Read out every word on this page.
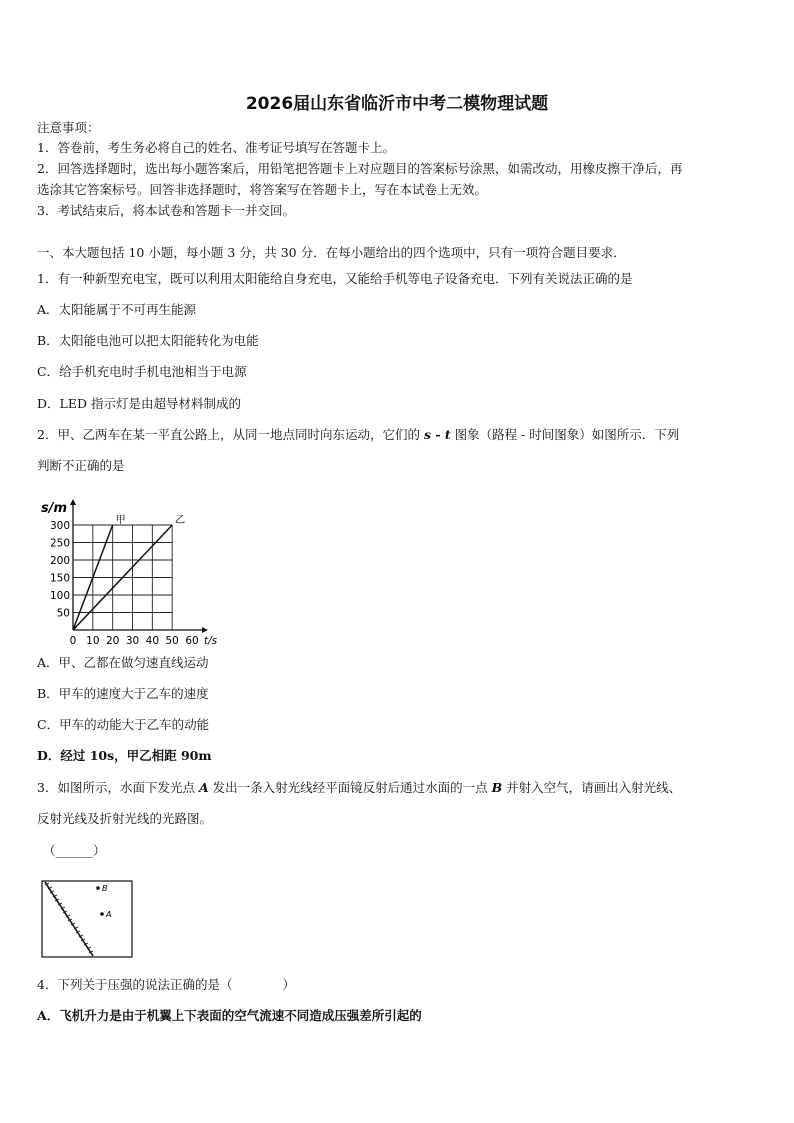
2026届山东省临沂市中考二模物理试题
注意事项：
1．答卷前，考生务必将自己的姓名、准考证号填写在答题卡上。
2．回答选择题时，选出每小题答案后，用铅笔把答题卡上对应题目的答案标号涂黑，如需改动，用橡皮擦干净后，再
选涂其它答案标号。回答非选择题时，将答案写在答题卡上，写在本试卷上无效。
3．考试结束后，将本试卷和答题卡一并交回。
一、本大题包括 10 小题，每小题 3 分，共 30 分．在每小题给出的四个选项中，只有一项符合题目要求．
1．有一种新型充电宝，既可以利用太阳能给自身充电，又能给手机等电子设备充电．下列有关说法正确的是
A．太阳能属于不可再生能源
B．太阳能电池可以把太阳能转化为电能
C．给手机充电时手机电池相当于电源
D．LED 指示灯是由超导材料制成的
2．甲、乙两车在某一平直公路上，从同一地点同时向东运动，它们的 s - t 图象（路程 - 时间图象）如图所示．下列
判断不正确的是
甲	乙
0 10 20 30 40 50 60
50
100
150
200
250
300
s/m
t/s
A．甲、乙都在做匀速直线运动
B．甲车的速度大于乙车的速度
C．甲车的动能大于乙车的动能
D．经过 10s，甲乙相距 90m
3．如图所示，水面下发光点 A 发出一条入射光线经平面镜反射后通过水面的一点 B 并射入空气，请画出入射光线、
反射光线及折射光线的光路图。
（______）
B
A
4．下列关于压强的说法正确的是（　　　　）
A．飞机升力是由于机翼上下表面的空气流速不同造成压强差所引起的
